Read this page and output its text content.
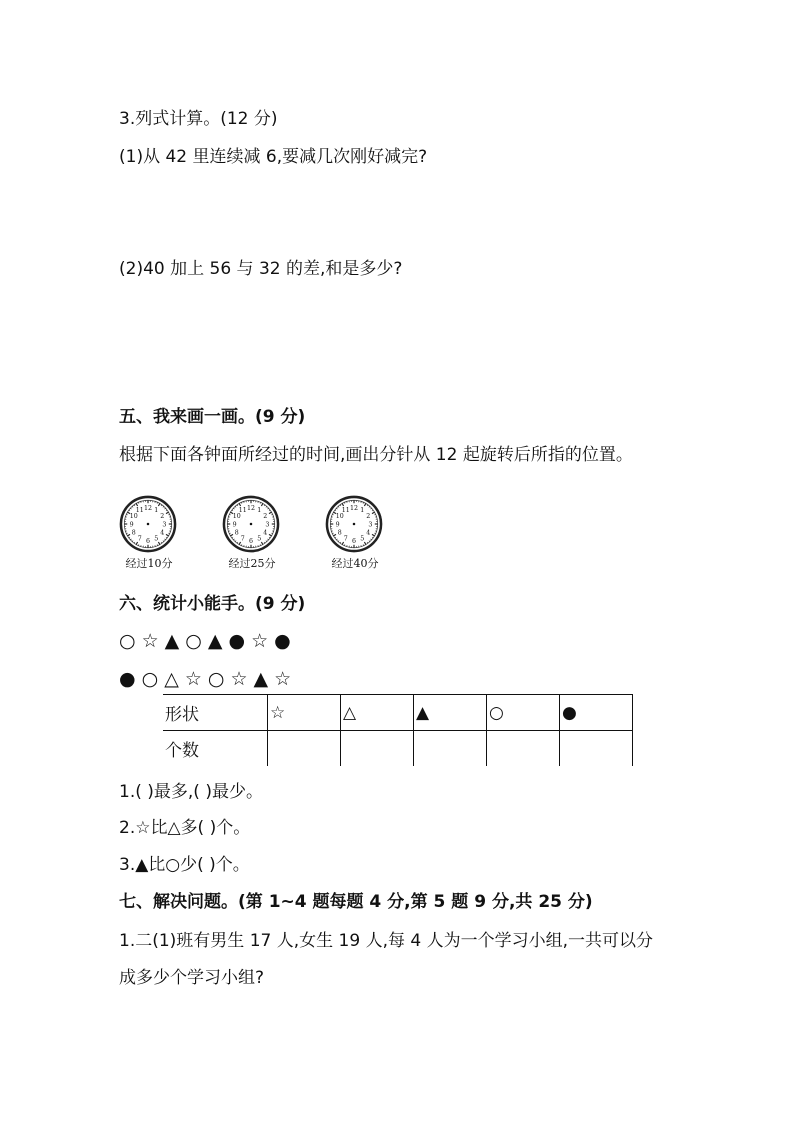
3.列式计算。(12 分)
(1)从 42 里连续减 6,要减几次刚好减完?
(2)40 加上 56 与 32 的差,和是多少?
五、我来画一画。(9 分)
根据下面各钟面所经过的时间,画出分针从 12 起旋转后所指的位置。
1
2
3
4
5
6
7
8
9
10
11 12
经过10分
1
2
3
4
5
6
7
8
9
10
11 12
经过25分
1
2
3
4
5
6
7
8
9
10
11 12
经过40分
六、统计小能手。(9 分)
○ ☆ ▲ ○ ▲ ● ☆ ●
● ○ △ ☆ ○ ☆ ▲ ☆
形状	☆	△	▲	○	●
个数					
1.( )最多,( )最少。
2.☆比△多( )个。
3.▲比○少( )个。
七、解决问题。(第 1~4 题每题 4 分,第 5 题 9 分,共 25 分)
1.二(1)班有男生 17 人,女生 19 人,每 4 人为一个学习小组,一共可以分
成多少个学习小组?
